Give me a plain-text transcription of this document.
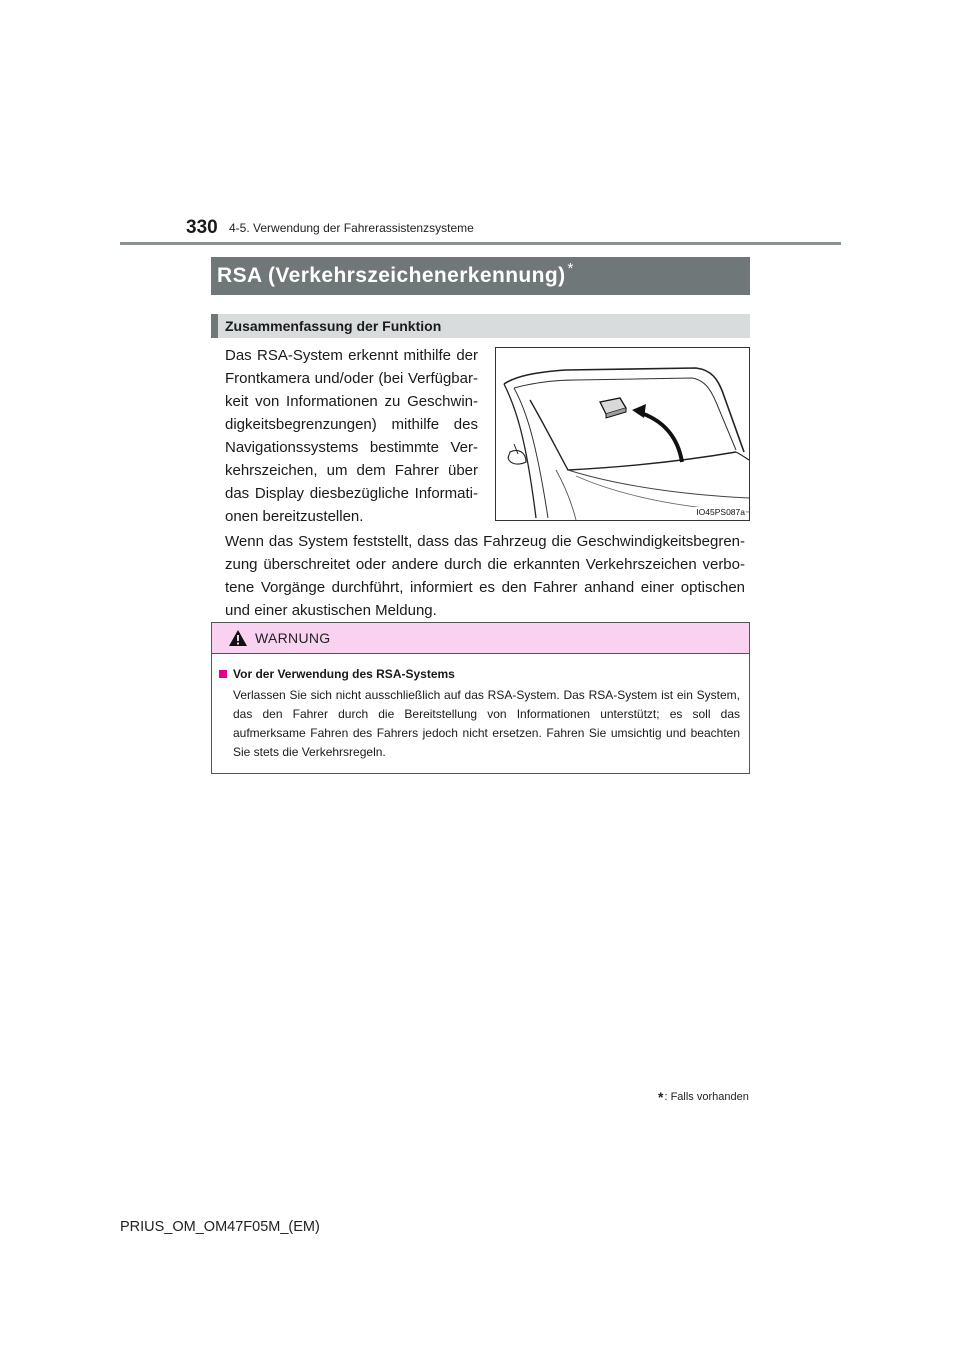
330 4-5. Verwendung der Fahrerassistenzsysteme
RSA (Verkehrszeichenerkennung) *
Zusammenfassung der Funktion

Das RSA-System erkennt mithilfe der Frontkamera und/oder (bei Verfügbar-keit von Informationen zu Geschwin-digkeitsbegrenzungen) mithilfe des Navigationssystems bestimmte Ver-kehrszeichen, um dem Fahrer über das Display diesbezügliche Informati-onen bereitzustellen.	IO45PS087a

Wenn das System feststellt, dass das Fahrzeug die Geschwindigkeitsbegren-zung überschreitet oder andere durch die erkannten Verkehrszeichen verbo-tene Vorgänge durchführt, informiert es den Fahrer anhand einer optischen und einer akustischen Meldung.

WARNUNG
Vor der Verwendung des RSA-Systems

Verlassen Sie sich nicht ausschließlich auf das RSA-System. Das RSA-System ist ein System, das den Fahrer durch die Bereitstellung von Informationen unterstützt; es soll das aufmerksame Fahren des Fahrers jedoch nicht ersetzen. Fahren Sie umsichtig und beachten Sie stets die Verkehrsregeln.

* : Falls vorhanden
PRIUS_OM_OM47F05M_(EM)
